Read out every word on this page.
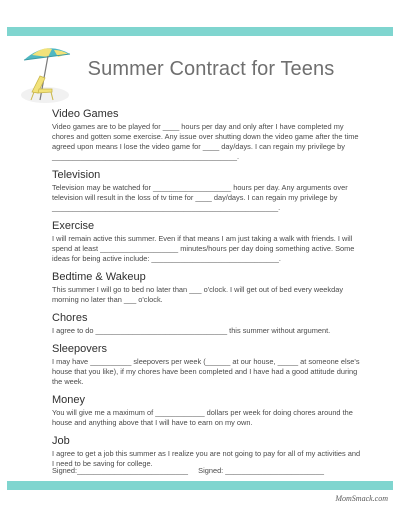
Summer Contract for Teens
Video Games
Video games are to be played for ____ hours per day and only after I have completed my chores and gotten some exercise. Any issue over shutting down the video game after the time agreed upon means I lose the video game for ____ day/days. I can regain my privilege by _____________________________________________.
Television
Television may be watched for ___________________ hours per day. Any arguments over television will result in the loss of tv time for ____ day/days. I can regain my privilege by _______________________________________________________.
Exercise
I will remain active this summer. Even if that means I am just taking a walk with friends. I will spend at least ___________________ minutes/hours per day doing something active. Some ideas for being active include: _______________________________.
Bedtime & Wakeup
This summer I will go to bed no later than ___ o'clock. I will get out of bed every weekday morning no later than ___ o'clock.
Chores
I agree to do ________________________________ this summer without argument.
Sleepovers
I may have __________ sleepovers per week (______ at our house, _____ at someone else's house that you like), if my chores have been completed and I have had a good attitude during the week.
Money
You will give me a maximum of ____________ dollars per week for doing chores around the house and anything above that I will have to earn on my own.
Job
I agree to get a job this summer as I realize you are not going to pay for all of my activities and I need to be saving for college.
Signed:___________________________ Signed: ________________________
MomSmack.com
